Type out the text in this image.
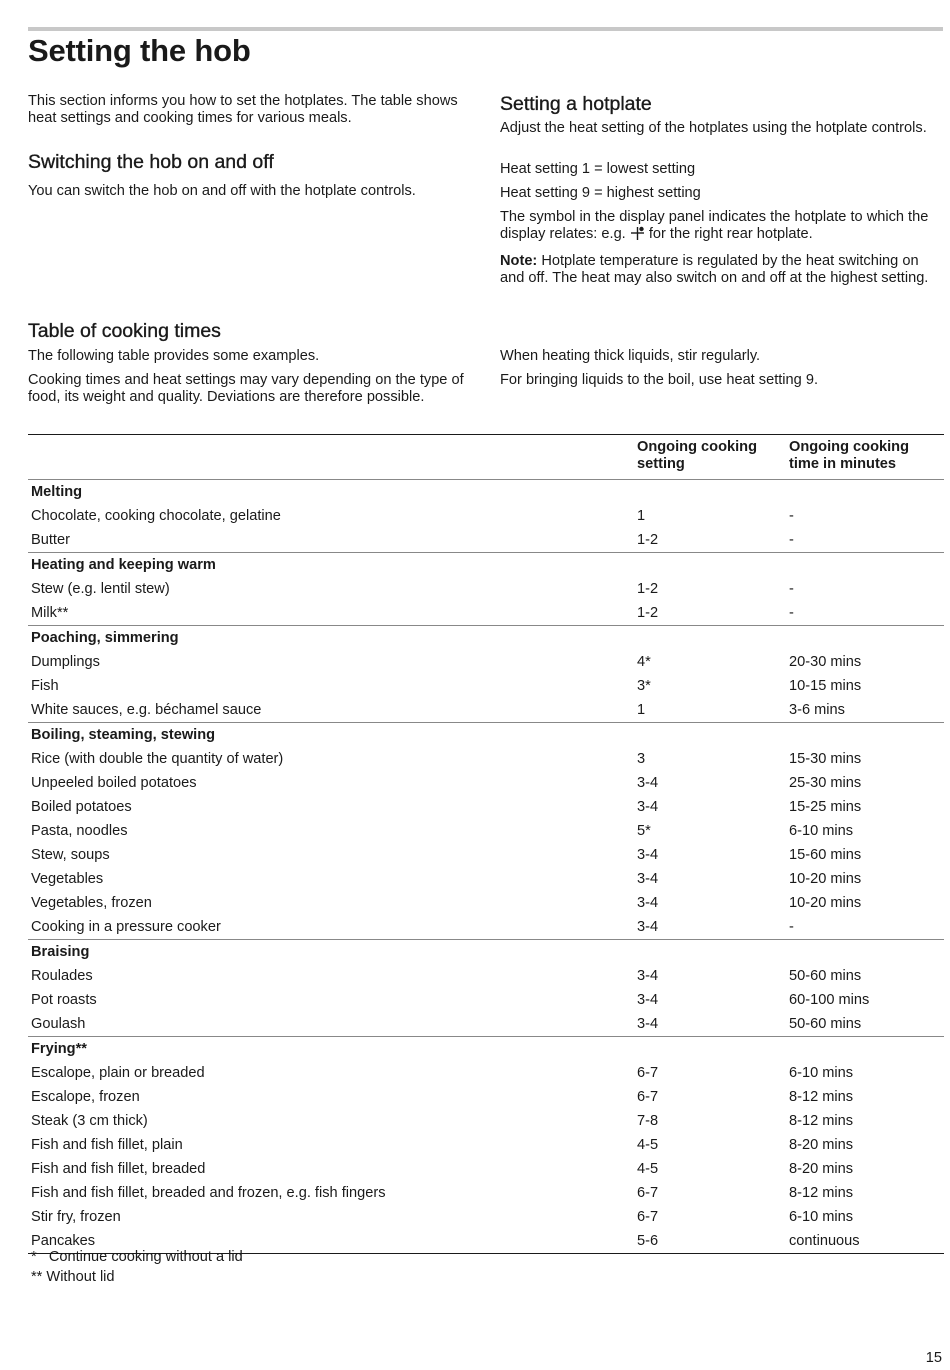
Setting the hob

This section informs you how to set the hotplates. The table shows heat settings and cooking times for various meals.

Switching the hob on and off

You can switch the hob on and off with the hotplate controls.

Setting a hotplate

Adjust the heat setting of the hotplates using the hotplate controls.

Heat setting 1 = lowest setting

Heat setting 9 = highest setting

The symbol in the display panel indicates the hotplate to which the display relates: e.g.  for the right rear hotplate.

Note: Hotplate temperature is regulated by the heat switching on and off. The heat may also switch on and off at the highest setting.

Table of cooking times

The following table provides some examples.

Cooking times and heat settings may vary depending on the type of food, its weight and quality. Deviations are therefore possible.

When heating thick liquids, stir regularly.

For bringing liquids to the boil, use heat setting 9.

	Ongoing cooking setting	Ongoing cooking time in minutes
Melting		
Chocolate, cooking chocolate, gelatine	1	-
Butter	1-2	-
Heating and keeping warm		
Stew (e.g. lentil stew)	1-2	-
Milk**	1-2	-
Poaching, simmering		
Dumplings	4*	20-30 mins
Fish	3*	10-15 mins
White sauces, e.g. béchamel sauce	1	3-6 mins
Boiling, steaming, stewing		
Rice (with double the quantity of water)	3	15-30 mins
Unpeeled boiled potatoes	3-4	25-30 mins
Boiled potatoes	3-4	15-25 mins
Pasta, noodles	5*	6-10 mins
Stew, soups	3-4	15-60 mins
Vegetables	3-4	10-20 mins
Vegetables, frozen	3-4	10-20 mins
Cooking in a pressure cooker	3-4	-
Braising		
Roulades	3-4	50-60 mins
Pot roasts	3-4	60-100 mins
Goulash	3-4	50-60 mins
Frying**		
Escalope, plain or breaded	6-7	6-10 mins
Escalope, frozen	6-7	8-12 mins
Steak (3 cm thick)	7-8	8-12 mins
Fish and fish fillet, plain	4-5	8-20 mins
Fish and fish fillet, breaded	4-5	8-20 mins
Fish and fish fillet, breaded and frozen, e.g. fish fingers	6-7	8-12 mins
Stir fry, frozen	6-7	6-10 mins
Pancakes	5-6	continuous
*   Continue cooking without a lid
** Without lid
15
